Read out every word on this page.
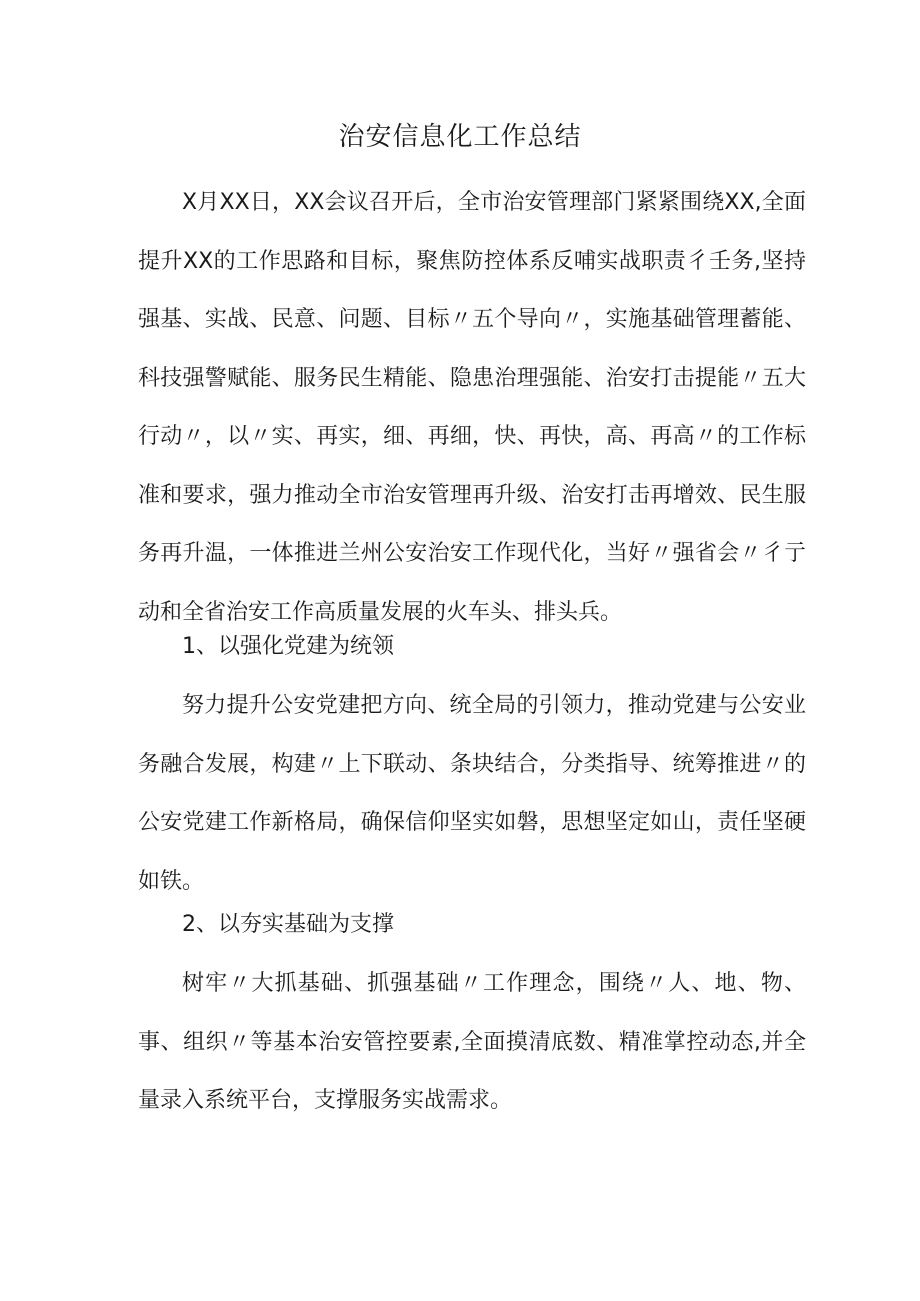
治安信息化工作总结

X月XX日，XX会议召开后，全市治安管理部门紧紧围绕XX,全面提升XX的工作思路和目标，聚焦防控体系反哺实战职责彳壬务,坚持强基、实战、民意、问题、目标〃五个导向〃，实施基础管理蓄能、科技强警赋能、服务民生精能、隐患治理强能、治安打击提能〃五大行动〃，以〃实、再实，细、再细，快、再快，高、再高〃的工作标准和要求，强力推动全市治安管理再升级、治安打击再增效、民生服务再升温，一体推进兰州公安治安工作现代化，当好〃强省会〃彳亍动和全省治安工作高质量发展的火车头、排头兵。

1、以强化党建为统领

努力提升公安党建把方向、统全局的引领力，推动党建与公安业务融合发展，构建〃上下联动、条块结合，分类指导、统筹推进〃的公安党建工作新格局，确保信仰坚实如磐，思想坚定如山，责任坚硬如铁。

2、以夯实基础为支撑

树牢〃大抓基础、抓强基础〃工作理念，围绕〃人、地、物、事、组织〃等基本治安管控要素,全面摸清底数、精准掌控动态,并全量录入系统平台，支撑服务实战需求。
